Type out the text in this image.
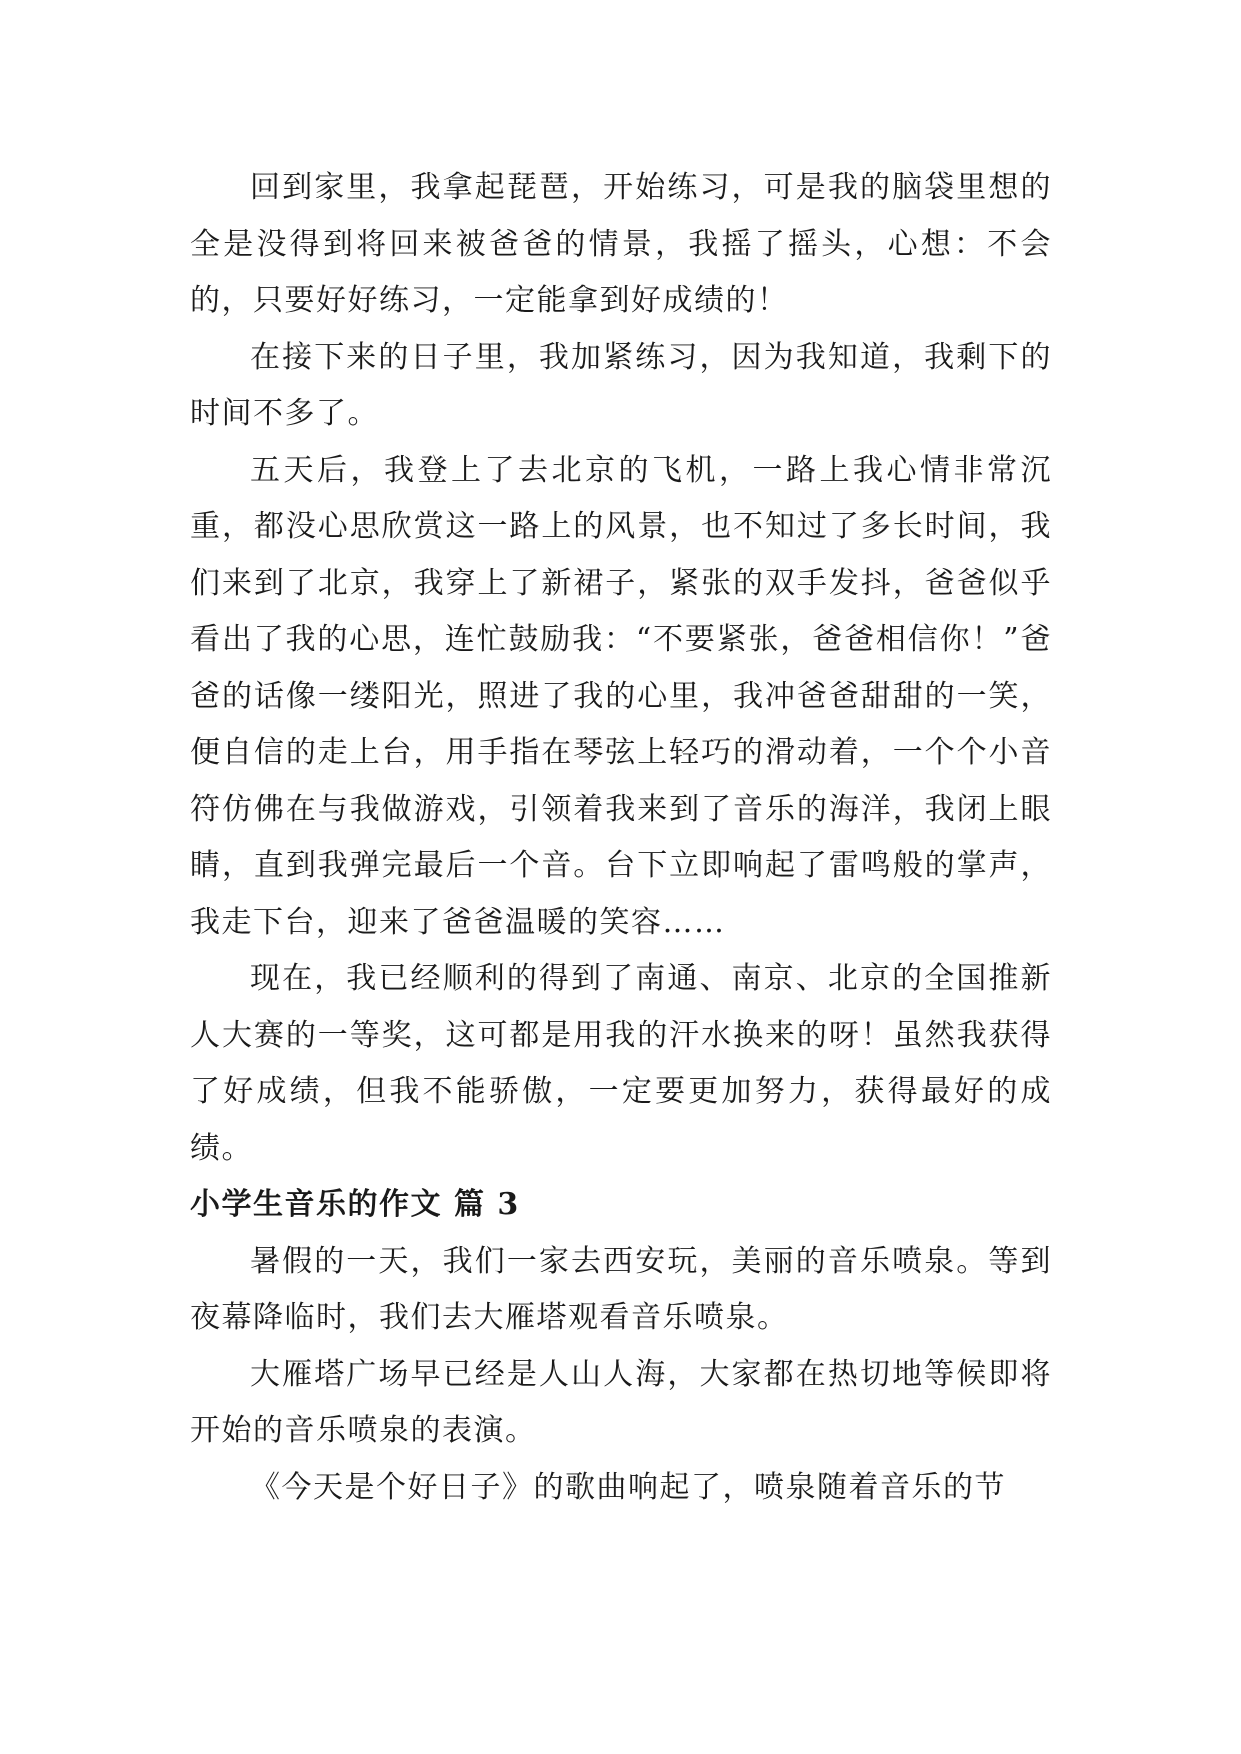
回到家里，我拿起琵琶，开始练习，可是我的脑袋里想的全是没得到将回来被爸爸的情景，我摇了摇头，心想：不会的，只要好好练习，一定能拿到好成绩的！

在接下来的日子里，我加紧练习，因为我知道，我剩下的时间不多了。

五天后，我登上了去北京的飞机，一路上我心情非常沉重，都没心思欣赏这一路上的风景，也不知过了多长时间，我们来到了北京，我穿上了新裙子，紧张的双手发抖，爸爸似乎看出了我的心思，连忙鼓励我：“不要紧张，爸爸相信你！”爸爸的话像一缕阳光，照进了我的心里，我冲爸爸甜甜的一笑，便自信的走上台，用手指在琴弦上轻巧的滑动着，一个个小音符仿佛在与我做游戏，引领着我来到了音乐的海洋，我闭上眼睛，直到我弹完最后一个音。台下立即响起了雷鸣般的掌声，我走下台，迎来了爸爸温暖的笑容……

现在，我已经顺利的得到了南通、南京、北京的全国推新人大赛的一等奖，这可都是用我的汗水换来的呀！虽然我获得了好成绩，但我不能骄傲，一定要更加努力，获得最好的成绩。

小学生音乐的作文 篇 3

暑假的一天，我们一家去西安玩，美丽的音乐喷泉。等到夜幕降临时，我们去大雁塔观看音乐喷泉。

大雁塔广场早已经是人山人海，大家都在热切地等候即将开始的音乐喷泉的表演。

《今天是个好日子》的歌曲响起了，喷泉随着音乐的节
